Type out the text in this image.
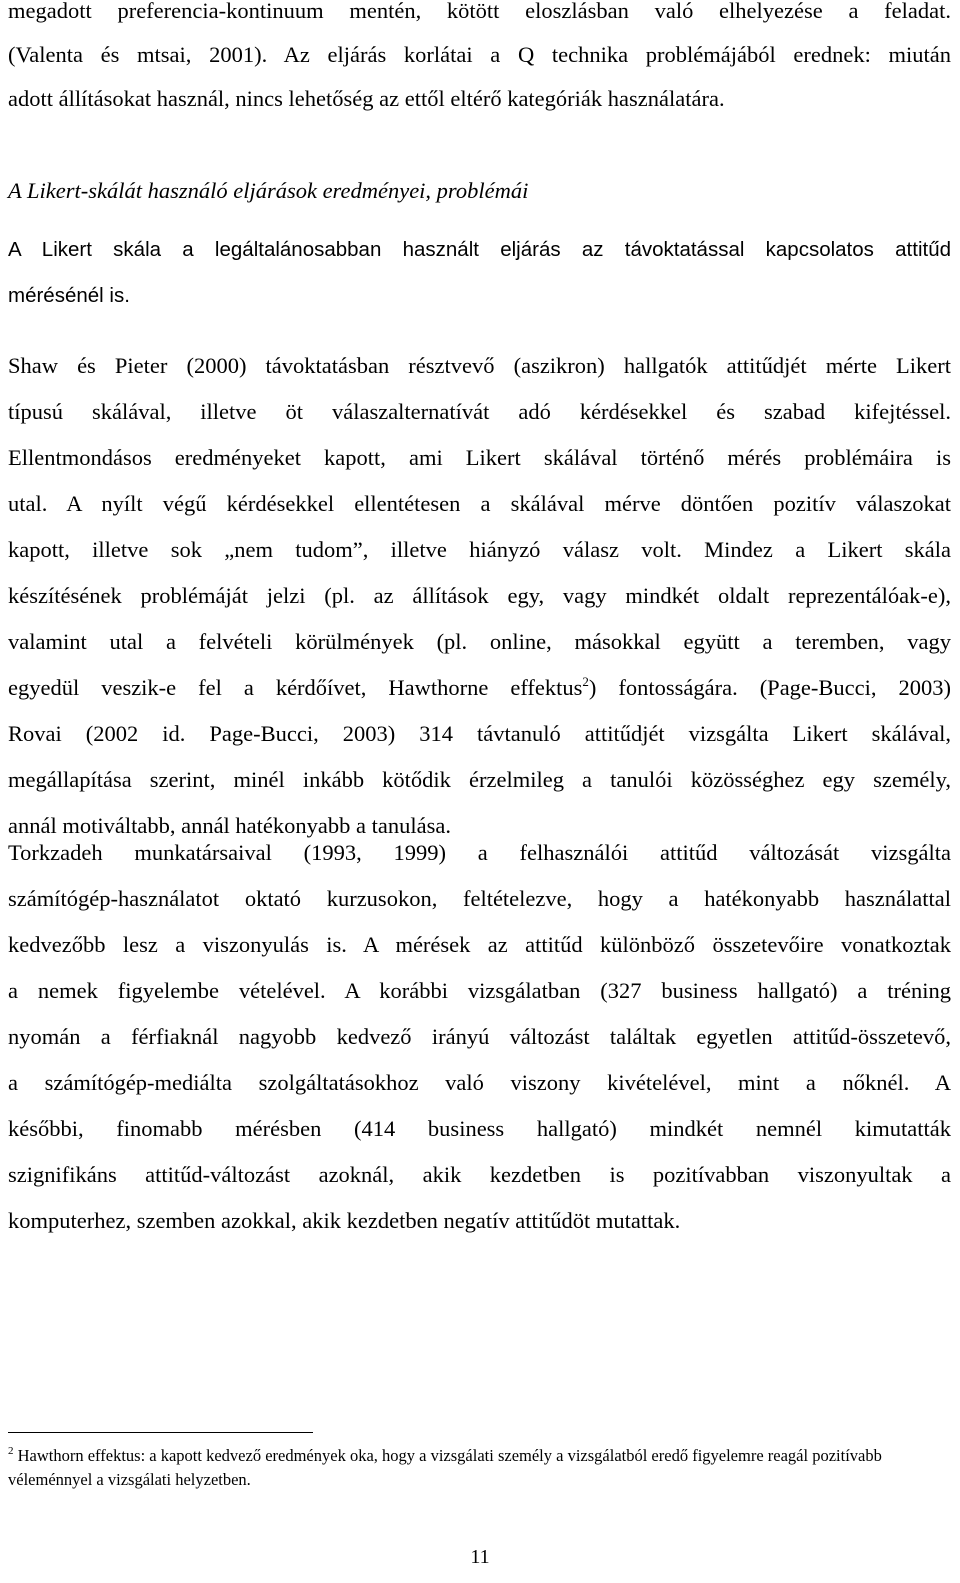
megadott preferencia-kontinuum mentén, kötött eloszlásban való elhelyezése a feladat.
(Valenta és mtsai, 2001). Az eljárás korlátai a Q technika problémájából erednek: miután
adott állításokat használ, nincs lehetőség az ettől eltérő kategóriák használatára.
A Likert-skálát használó eljárások eredményei, problémái
A Likert skála a legáltalánosabban használt eljárás az távoktatással kapcsolatos attitűd
mérésénél is.
Shaw és Pieter (2000) távoktatásban résztvevő (aszikron) hallgatók attitűdjét mérte Likert
típusú skálával, illetve öt válaszalternatívát adó kérdésekkel és szabad kifejtéssel.
Ellentmondásos eredményeket kapott, ami Likert skálával történő mérés problémáira is
utal. A nyílt végű kérdésekkel ellentétesen a skálával mérve döntően pozitív válaszokat
kapott, illetve sok „nem tudom”, illetve hiányzó válasz volt. Mindez a Likert skála
készítésének problémáját jelzi (pl. az állítások egy, vagy mindkét oldalt reprezentálóak-e),
valamint utal a felvételi körülmények (pl. online, másokkal együtt a teremben, vagy
egyedül veszik-e fel a kérdőívet, Hawthorne effektus$^2$) fontosságára. (Page-Bucci, 2003)
Rovai (2002 id. Page-Bucci, 2003) 314 távtanuló attitűdjét vizsgálta Likert skálával,
megállapítása szerint, minél inkább kötődik érzelmileg a tanulói közösséghez egy személy,
annál motiváltabb, annál hatékonyabb a tanulása.
Torkzadeh munkatársaival (1993, 1999) a felhasználói attitűd változását vizsgálta
számítógép-használatot oktató kurzusokon, feltételezve, hogy a hatékonyabb használattal
kedvezőbb lesz a viszonyulás is. A mérések az attitűd különböző összetevőire vonatkoztak
a nemek figyelembe vételével. A korábbi vizsgálatban (327 business hallgató) a tréning
nyomán a férfiaknál nagyobb kedvező irányú változást találtak egyetlen attitűd-összetevő,
a számítógép-mediálta szolgáltatásokhoz való viszony kivételével, mint a nőknél. A
későbbi, finomabb mérésben (414 business hallgató) mindkét nemnél kimutatták
szignifikáns attitűd-változást azoknál, akik kezdetben is pozitívabban viszonyultak a
komputerhez, szemben azokkal, akik kezdetben negatív attitűdöt mutattak.
$^2$ Hawthorn effektus: a kapott kedvező eredmények oka, hogy a vizsgálati személy a vizsgálatból eredő figyelemre reagál pozitívabb véleménnyel a vizsgálati helyzetben.
11
